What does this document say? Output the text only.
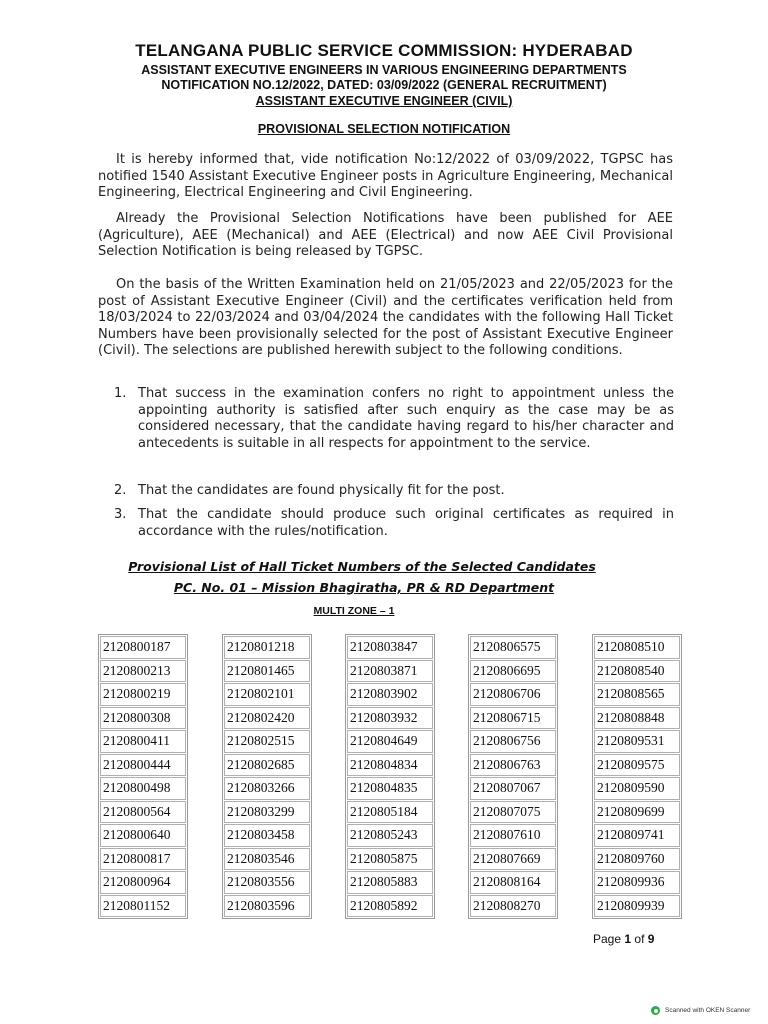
TELANGANA PUBLIC SERVICE COMMISSION: HYDERABAD
ASSISTANT EXECUTIVE ENGINEERS IN VARIOUS ENGINEERING DEPARTMENTS
NOTIFICATION NO.12/2022, DATED: 03/09/2022 (GENERAL RECRUITMENT)
ASSISTANT EXECUTIVE ENGINEER (CIVIL)
PROVISIONAL SELECTION NOTIFICATION
It is hereby informed that, vide notification No:12/2022 of 03/09/2022, TGPSC has notified 1540 Assistant Executive Engineer posts in Agriculture Engineering, Mechanical Engineering, Electrical Engineering and Civil Engineering.
Already the Provisional Selection Notifications have been published for AEE (Agriculture), AEE (Mechanical) and AEE (Electrical) and now AEE Civil Provisional Selection Notification is being released by TGPSC.
On the basis of the Written Examination held on 21/05/2023 and 22/05/2023 for the post of Assistant Executive Engineer (Civil) and the certificates verification held from 18/03/2024 to 22/03/2024 and 03/04/2024 the candidates with the following Hall Ticket Numbers have been provisionally selected for the post of Assistant Executive Engineer (Civil). The selections are published herewith subject to the following conditions.
1. That success in the examination confers no right to appointment unless the appointing authority is satisfied after such enquiry as the case may be as considered necessary, that the candidate having regard to his/her character and antecedents is suitable in all respects for appointment to the service.
2. That the candidates are found physically fit for the post.
3. That the candidate should produce such original certificates as required in accordance with the rules/notification.
Provisional List of Hall Ticket Numbers of the Selected Candidates
PC. No. 01 – Mission Bhagiratha, PR & RD Department
MULTI ZONE – 1
2120800187
2120800213
2120800219
2120800308
2120800411
2120800444
2120800498
2120800564
2120800640
2120800817
2120800964
2120801152
2120801218
2120801465
2120802101
2120802420
2120802515
2120802685
2120803266
2120803299
2120803458
2120803546
2120803556
2120803596
2120803847
2120803871
2120803902
2120803932
2120804649
2120804834
2120804835
2120805184
2120805243
2120805875
2120805883
2120805892
2120806575
2120806695
2120806706
2120806715
2120806756
2120806763
2120807067
2120807075
2120807610
2120807669
2120808164
2120808270
2120808510
2120808540
2120808565
2120808848
2120809531
2120809575
2120809590
2120809699
2120809741
2120809760
2120809936
2120809939
Page 1 of 9
Scanned with OKEN Scanner
